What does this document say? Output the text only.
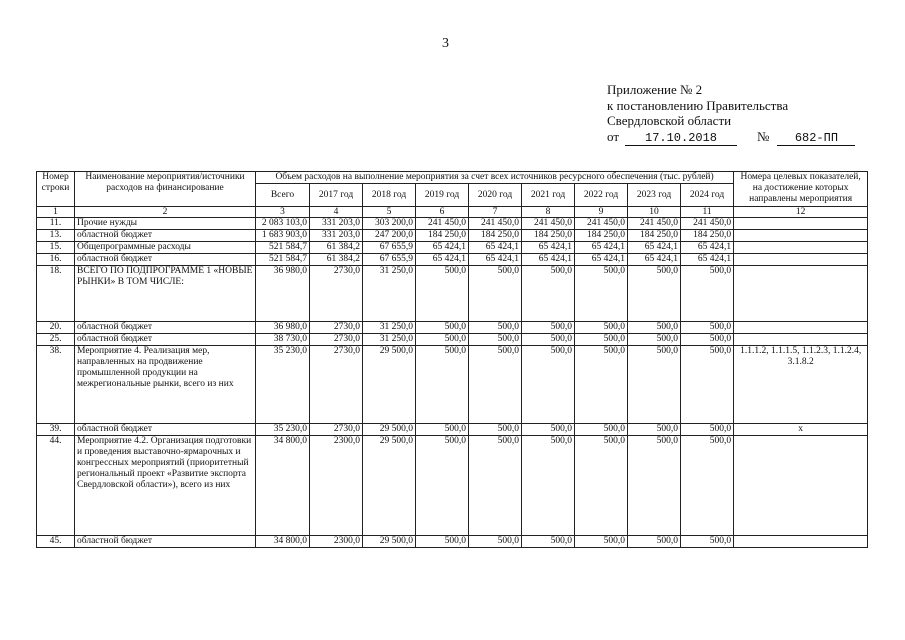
3
Приложение № 2
к постановлению Правительства
Свердловской области
от 17.10.2018	№ 682-ПП
Номер строки	Наименование мероприятия/источники расходов на финансирование	Объем расходов на выполнение мероприятия за счет всех источников ресурсного обеспечения (тыс. рублей)									Номера целевых показателей, на достижение которых направлены мероприятия
		Всего	2017 год	2018 год	2019 год	2020 год	2021 год	2022 год	2023 год	2024 год	
1	2	3	4	5	6	7	8	9	10	11	12
11.	Прочие нужды	2 083 103,0	331 203,0	303 200,0	241 450,0	241 450,0	241 450,0	241 450,0	241 450,0	241 450,0	
13.	областной бюджет	1 683 903,0	331 203,0	247 200,0	184 250,0	184 250,0	184 250,0	184 250,0	184 250,0	184 250,0	
15.	Общепрограммные расходы	521 584,7	61 384,2	67 655,9	65 424,1	65 424,1	65 424,1	65 424,1	65 424,1	65 424,1	
16.	областной бюджет	521 584,7	61 384,2	67 655,9	65 424,1	65 424,1	65 424,1	65 424,1	65 424,1	65 424,1	
18.	ВСЕГО ПО ПОДПРОГРАММЕ 1 «НОВЫЕ РЫНКИ» В ТОМ ЧИСЛЕ:	36 980,0	2730,0	31 250,0	500,0	500,0	500,0	500,0	500,0	500,0	
20.	областной бюджет	36 980,0	2730,0	31 250,0	500,0	500,0	500,0	500,0	500,0	500,0	
25.	областной бюджет	38 730,0	2730,0	31 250,0	500,0	500,0	500,0	500,0	500,0	500,0	
38.	Мероприятие 4. Реализация мер, направленных на продвижение промышленной продукции на межрегиональные рынки, всего из них	35 230,0	2730,0	29 500,0	500,0	500,0	500,0	500,0	500,0	500,0	1.1.1.2, 1.1.1.5, 1.1.2.3, 1.1.2.4, 3.1.8.2
39.	областной бюджет	35 230,0	2730,0	29 500,0	500,0	500,0	500,0	500,0	500,0	500,0	x
44.	Мероприятие 4.2. Организация подготовки и проведения выставочно-ярмарочных и конгрессных мероприятий (приоритетный региональный проект «Развитие экспорта Свердловской области»), всего из них	34 800,0	2300,0	29 500,0	500,0	500,0	500,0	500,0	500,0	500,0	
45.	областной бюджет	34 800,0	2300,0	29 500,0	500,0	500,0	500,0	500,0	500,0	500,0	
